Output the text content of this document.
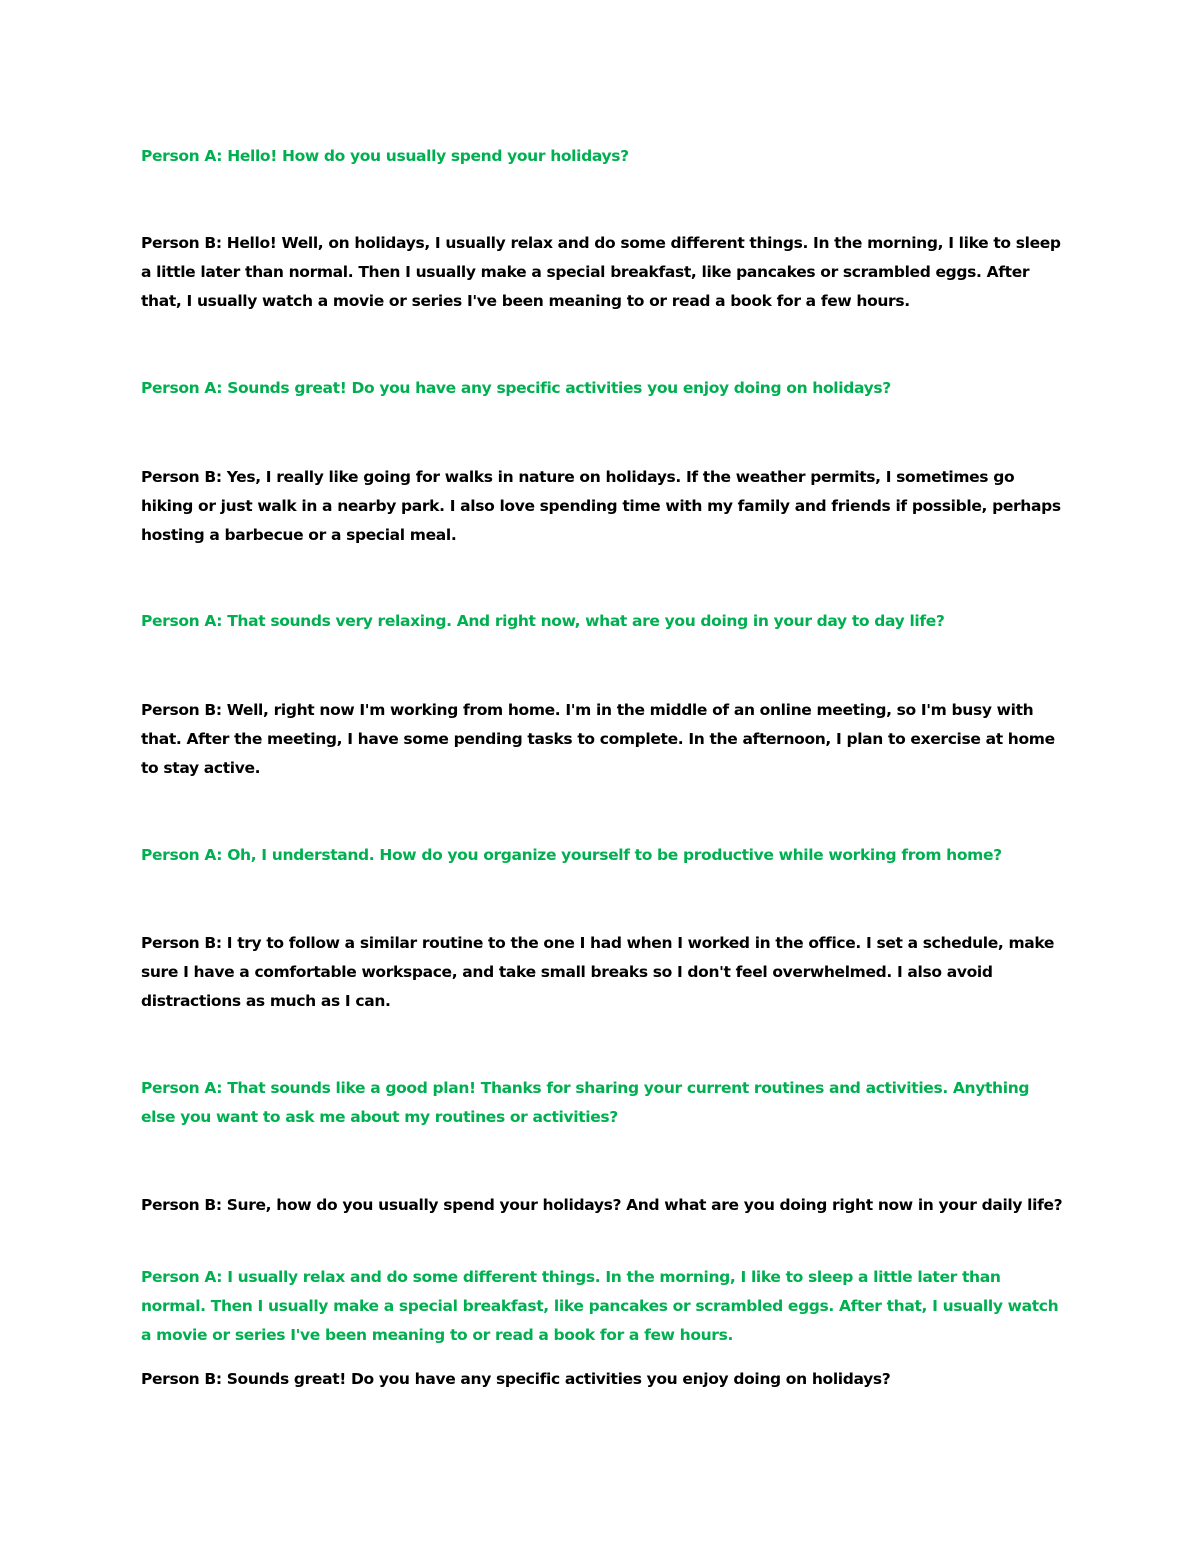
Person A: Hello! How do you usually spend your holidays?

Person B: Hello! Well, on holidays, I usually relax and do some different things. In the morning, I like to sleep a little later than normal. Then I usually make a special breakfast, like pancakes or scrambled eggs. After that, I usually watch a movie or series I've been meaning to or read a book for a few hours.

Person A: Sounds great! Do you have any specific activities you enjoy doing on holidays?

Person B: Yes, I really like going for walks in nature on holidays. If the weather permits, I sometimes go hiking or just walk in a nearby park. I also love spending time with my family and friends if possible, perhaps hosting a barbecue or a special meal.

Person A: That sounds very relaxing. And right now, what are you doing in your day to day life?

Person B: Well, right now I'm working from home. I'm in the middle of an online meeting, so I'm busy with that. After the meeting, I have some pending tasks to complete. In the afternoon, I plan to exercise at home to stay active.

Person A: Oh, I understand. How do you organize yourself to be productive while working from home?

Person B: I try to follow a similar routine to the one I had when I worked in the office. I set a schedule, make sure I have a comfortable workspace, and take small breaks so I don't feel overwhelmed. I also avoid distractions as much as I can.

Person A: That sounds like a good plan! Thanks for sharing your current routines and activities. Anything else you want to ask me about my routines or activities?

Person B: Sure, how do you usually spend your holidays? And what are you doing right now in your daily life?

Person A: I usually relax and do some different things. In the morning, I like to sleep a little later than normal. Then I usually make a special breakfast, like pancakes or scrambled eggs. After that, I usually watch a movie or series I've been meaning to or read a book for a few hours.

Person B: Sounds great! Do you have any specific activities you enjoy doing on holidays?
